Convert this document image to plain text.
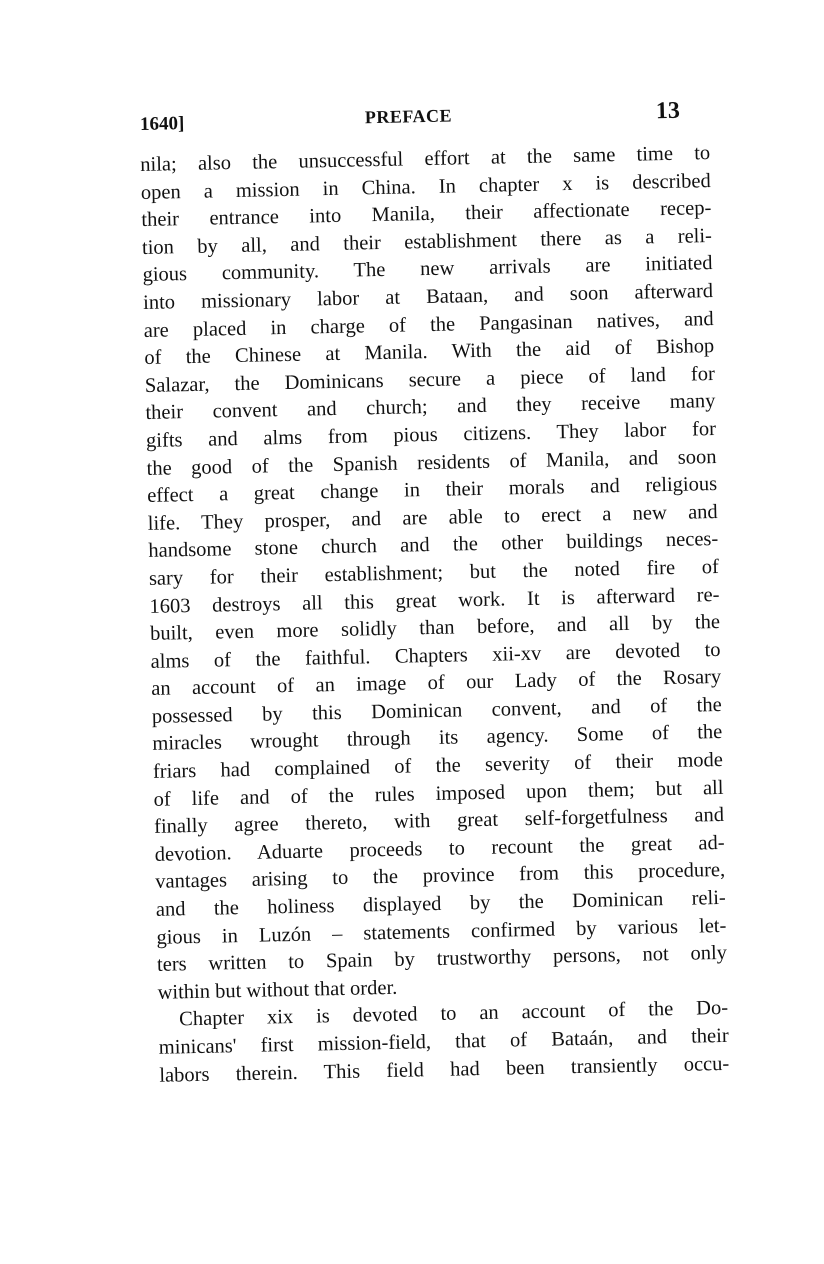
1640]	PREFACE	13
nila; also the unsuccessful effort at the same time to
open a mission in China. In chapter x is described
their entrance into Manila, their affectionate recep-
tion by all, and their establishment there as a reli-
gious community. The new arrivals are initiated
into missionary labor at Bataan, and soon afterward
are placed in charge of the Pangasinan natives, and
of the Chinese at Manila. With the aid of Bishop
Salazar, the Dominicans secure a piece of land for
their convent and church; and they receive many
gifts and alms from pious citizens. They labor for
the good of the Spanish residents of Manila, and soon
effect a great change in their morals and religious
life. They prosper, and are able to erect a new and
handsome stone church and the other buildings neces-
sary for their establishment; but the noted fire of
1603 destroys all this great work. It is afterward re-
built, even more solidly than before, and all by the
alms of the faithful. Chapters xii-xv are devoted to
an account of an image of our Lady of the Rosary
possessed by this Dominican convent, and of the
miracles wrought through its agency. Some of the
friars had complained of the severity of their mode
of life and of the rules imposed upon them; but all
finally agree thereto, with great self-forgetfulness and
devotion. Aduarte proceeds to recount the great ad-
vantages arising to the province from this procedure,
and the holiness displayed by the Dominican reli-
gious in Luzón – statements confirmed by various let-
ters written to Spain by trustworthy persons, not only
within but without that order.
Chapter xix is devoted to an account of the Do-
minicans' first mission-field, that of Bataán, and their
labors therein. This field had been transiently occu-
